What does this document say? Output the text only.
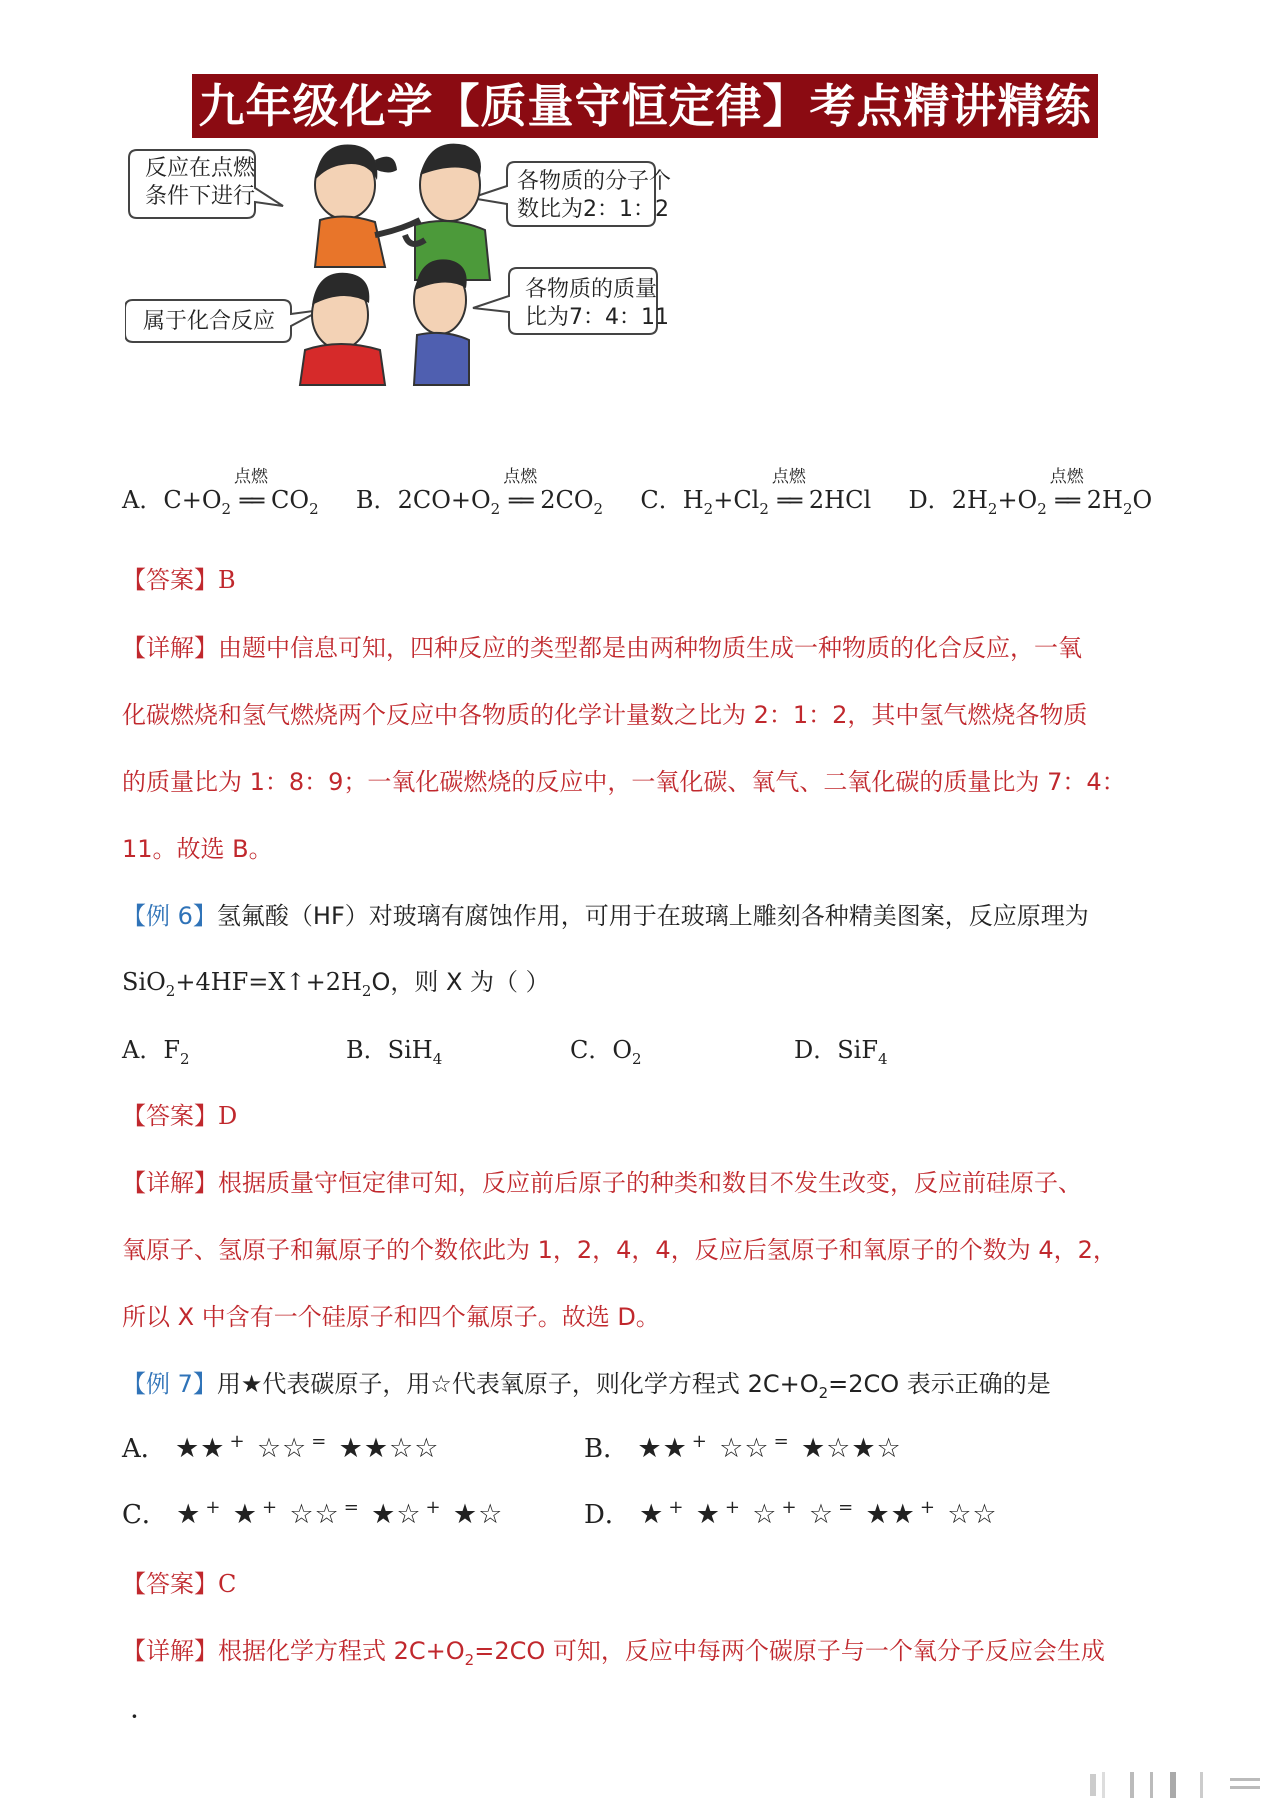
九年级化学【质量守恒定律】考点精讲精练
反应在点燃
条件下进行
各物质的分子个
数比为2：1：2
属于化合反应
各物质的质量
比为7：4：11
A．$C+O_2$
点燃
══ $CO_2$ B．$2CO+O_2$
点燃
══ $2CO_2$ C．$H_2+Cl_2$
点燃
══ 2HCl D．$2H_2+O_2$
点燃
══ $2H_2O$
【答案】B
【详解】由题中信息可知，四种反应的类型都是由两种物质生成一种物质的化合反应，一氧
化碳燃烧和氢气燃烧两个反应中各物质的化学计量数之比为 2：1：2，其中氢气燃烧各物质
的质量比为 1：8：9；一氧化碳燃烧的反应中，一氧化碳、氧气、二氧化碳的质量比为 7：4：
11。故选 B。
【例 6】氢氟酸（HF）对玻璃有腐蚀作用，可用于在玻璃上雕刻各种精美图案，反应原理为
$SiO_2+4HF=X↑+2H_2O$，则 X 为（ ）
A．$F_2$	B．SiH$_4$	C．$O_2$	D．SiF$_4$
【答案】D
【详解】根据质量守恒定律可知，反应前后原子的种类和数目不发生改变，反应前硅原子、
氧原子、氢原子和氟原子的个数依此为 1，2，4，4，反应后氢原子和氧原子的个数为 4，2，
所以 X 中含有一个硅原子和四个氟原子。故选 D。
【例 7】用★代表碳原子，用☆代表氧原子，则化学方程式 $2C+O_2=2CO$ 表示正确的是
A． ★★ + ☆☆ = ★★☆☆	B． ★★ + ☆☆ = ★☆★☆
C． ★ + ★ + ☆☆ = ★☆ + ★☆	D． ★ + ★ + ☆ + ☆ = ★★ + ☆☆
【答案】C
【详解】根据化学方程式 $2C+O_2=2CO$ 可知，反应中每两个碳原子与一个氧分子反应会生成
·
